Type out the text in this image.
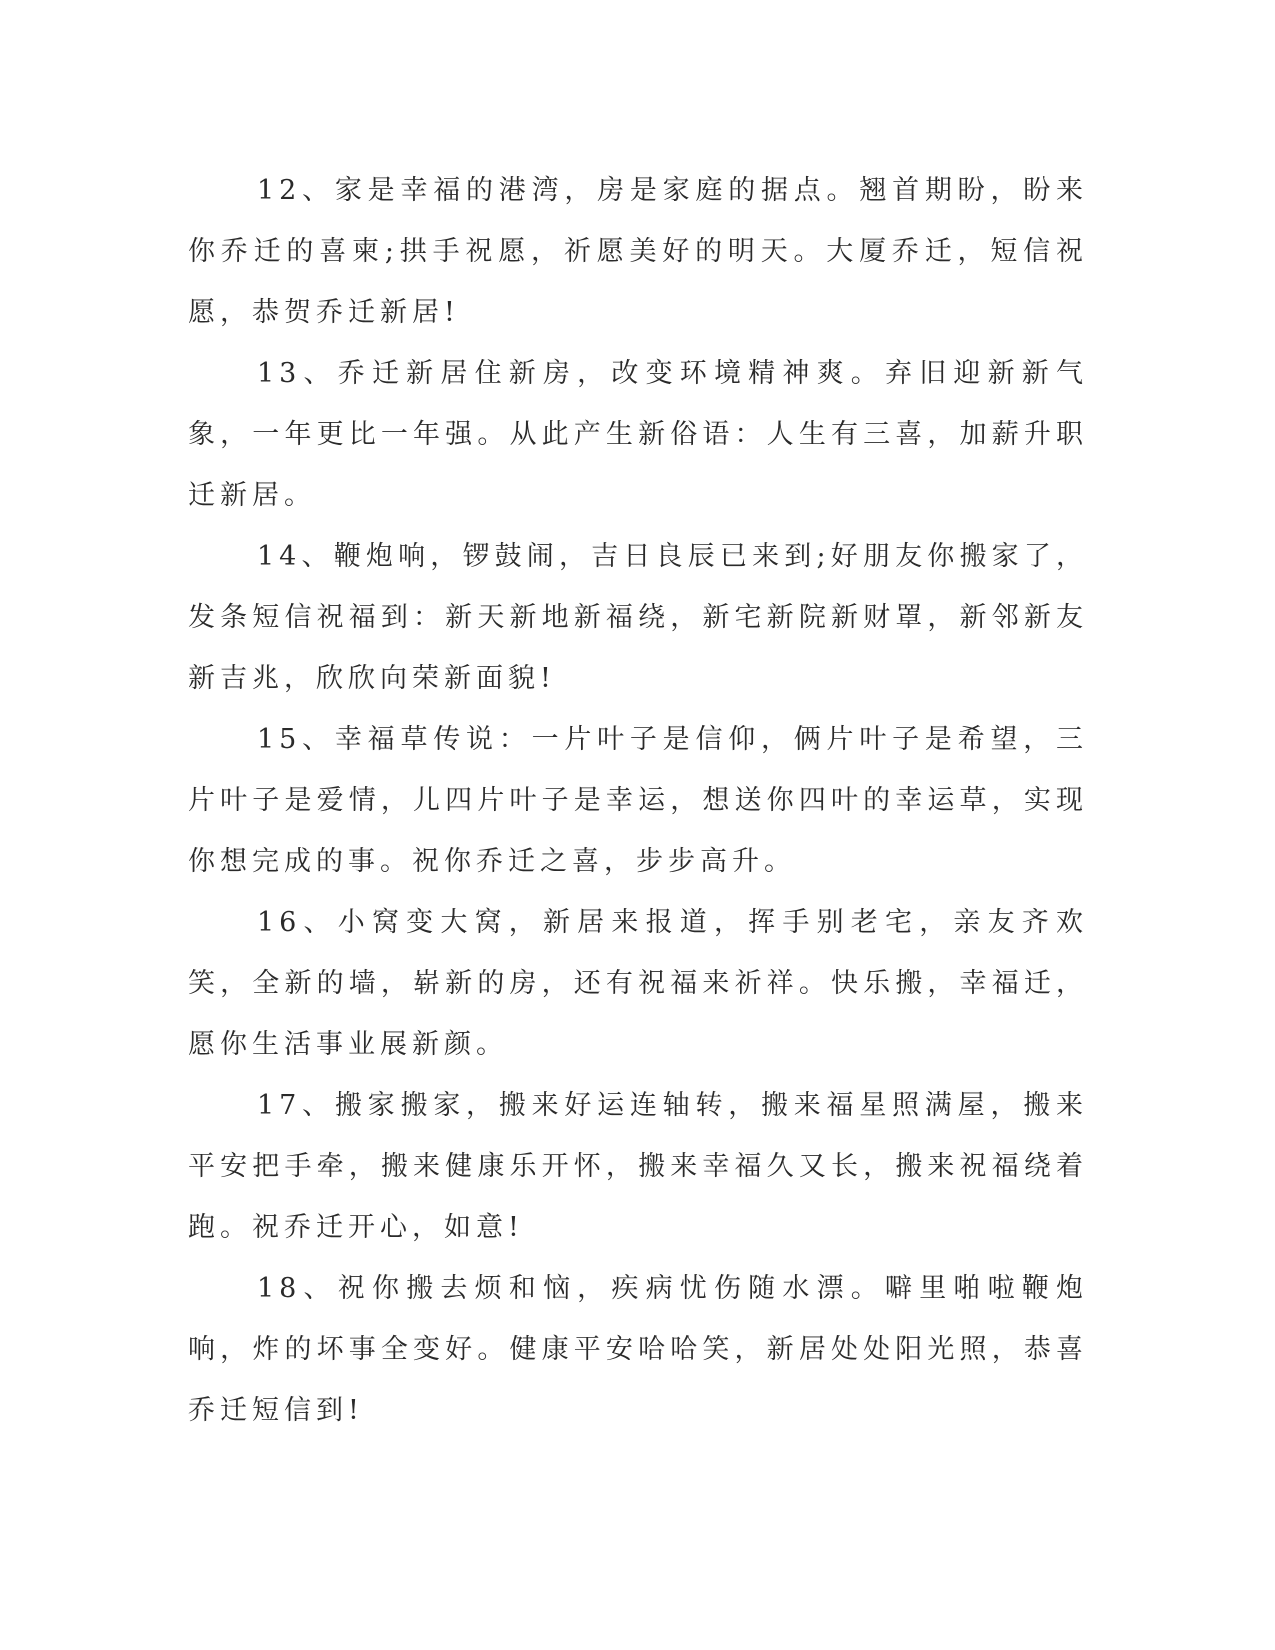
12、家是幸福的港湾，房是家庭的据点。翘首期盼，盼来你乔迁的喜柬;拱手祝愿，祈愿美好的明天。大厦乔迁，短信祝愿，恭贺乔迁新居!

13、乔迁新居住新房，改变环境精神爽。弃旧迎新新气象，一年更比一年强。从此产生新俗语：人生有三喜，加薪升职迁新居。

14、鞭炮响，锣鼓闹，吉日良辰已来到;好朋友你搬家了，发条短信祝福到：新天新地新福绕，新宅新院新财罩，新邻新友新吉兆，欣欣向荣新面貌!

15、幸福草传说：一片叶子是信仰，俩片叶子是希望，三片叶子是爱情，儿四片叶子是幸运，想送你四叶的幸运草，实现你想完成的事。祝你乔迁之喜，步步高升。

16、小窝变大窝，新居来报道，挥手别老宅，亲友齐欢笑，全新的墙，崭新的房，还有祝福来祈祥。快乐搬，幸福迁，愿你生活事业展新颜。

17、搬家搬家，搬来好运连轴转，搬来福星照满屋，搬来平安把手牵，搬来健康乐开怀，搬来幸福久又长，搬来祝福绕着跑。祝乔迁开心，如意!

18、祝你搬去烦和恼，疾病忧伤随水漂。噼里啪啦鞭炮响，炸的坏事全变好。健康平安哈哈笑，新居处处阳光照，恭喜乔迁短信到!
